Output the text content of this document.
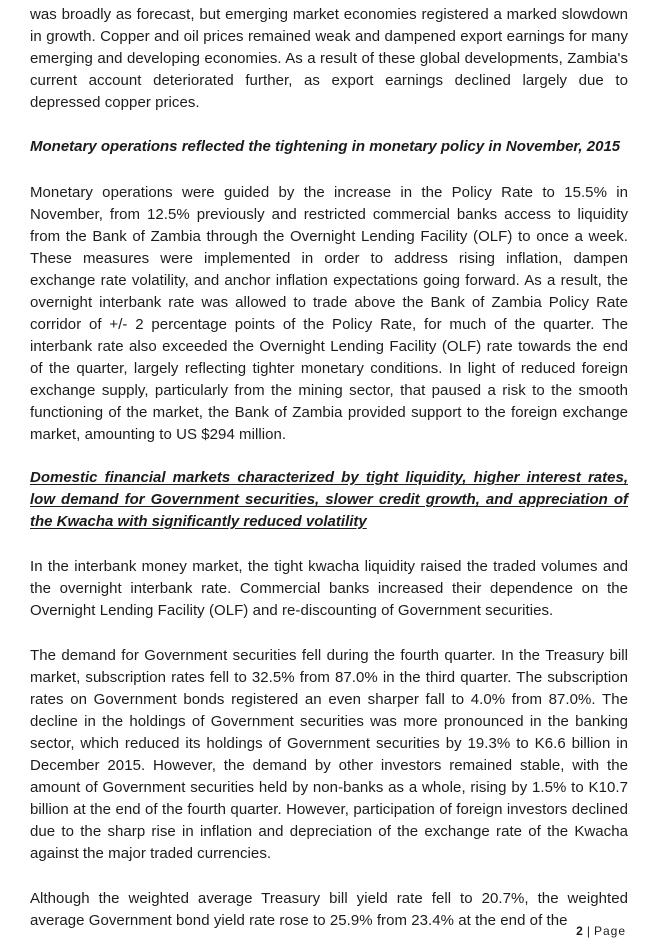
was broadly as forecast, but emerging market economies registered a marked slowdown in growth. Copper and oil prices remained weak and dampened export earnings for many emerging and developing economies. As a result of these global developments, Zambia's current account deteriorated further, as export earnings declined largely due to depressed copper prices.

Monetary operations reflected the tightening in monetary policy in November, 2015

Monetary operations were guided by the increase in the Policy Rate to 15.5% in November, from 12.5% previously and restricted commercial banks access to liquidity from the Bank of Zambia through the Overnight Lending Facility (OLF) to once a week. These measures were implemented in order to address rising inflation, dampen exchange rate volatility, and anchor inflation expectations going forward. As a result, the overnight interbank rate was allowed to trade above the Bank of Zambia Policy Rate corridor of +/- 2 percentage points of the Policy Rate, for much of the quarter. The interbank rate also exceeded the Overnight Lending Facility (OLF) rate towards the end of the quarter, largely reflecting tighter monetary conditions. In light of reduced foreign exchange supply, particularly from the mining sector, that paused a risk to the smooth functioning of the market, the Bank of Zambia provided support to the foreign exchange market, amounting to US $294 million.

Domestic financial markets characterized by tight liquidity, higher interest rates, low demand for Government securities, slower credit growth, and appreciation of the Kwacha with significantly reduced volatility

In the interbank money market, the tight kwacha liquidity raised the traded volumes and the overnight interbank rate. Commercial banks increased their dependence on the Overnight Lending Facility (OLF) and re-discounting of Government securities.

The demand for Government securities fell during the fourth quarter. In the Treasury bill market, subscription rates fell to 32.5% from 87.0% in the third quarter. The subscription rates on Government bonds registered an even sharper fall to 4.0% from 87.0%. The decline in the holdings of Government securities was more pronounced in the banking sector, which reduced its holdings of Government securities by 19.3% to K6.6 billion in December 2015. However, the demand by other investors remained stable, with the amount of Government securities held by non-banks as a whole, rising by 1.5% to K10.7 billion at the end of the fourth quarter. However, participation of foreign investors declined due to the sharp rise in inflation and depreciation of the exchange rate of the Kwacha against the major traded currencies.

Although the weighted average Treasury bill yield rate fell to 20.7%, the weighted average Government bond yield rate rose to 25.9% from 23.4% at the end of the

2 | Page
